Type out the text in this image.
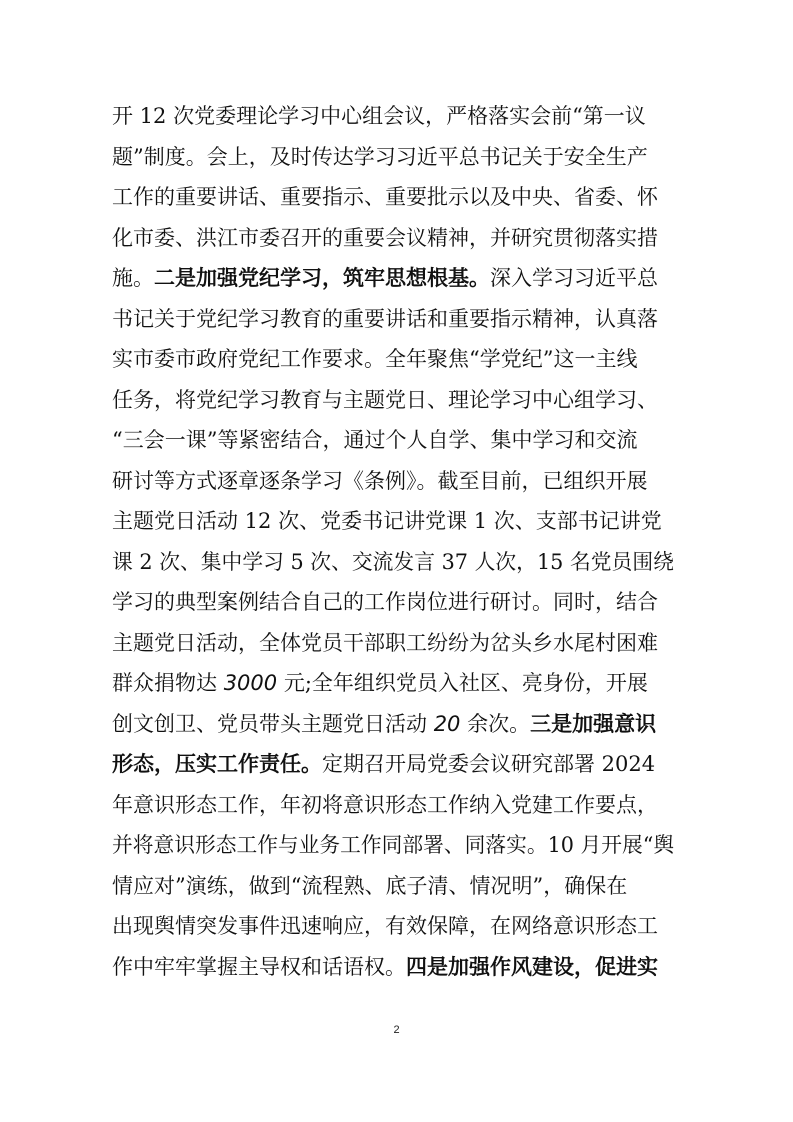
开 12 次党委理论学习中心组会议，严格落实会前“第一议
题”制度。会上，及时传达学习习近平总书记关于安全生产
工作的重要讲话、重要指示、重要批示以及中央、省委、怀
化市委、洪江市委召开的重要会议精神，并研究贯彻落实措
施。 二是加强党纪学习，筑牢思想根基。 深入学习习近平总
书记关于党纪学习教育的重要讲话和重要指示精神，认真落
实市委市政府党纪工作要求。全年聚焦“学党纪”这一主线
任务，将党纪学习教育与主题党日、理论学习中心组学习、
“三会一课”等紧密结合，通过个人自学、集中学习和交流
研讨等方式逐章逐条学习《条例》。截至目前，已组织开展
主题党日活动 12 次、党委书记讲党课 1 次、支部书记讲党
课 2 次、集中学习 5 次、交流发言 37 人次，15 名党员围绕
学习的典型案例结合自己的工作岗位进行研讨。同时，结合
主题党日活动，全体党员干部职工纷纷为岔头乡水尾村困难
群众捐物达 3000 元;全年组织党员入社区、亮身份，开展
创文创卫、党员带头主题党日活动 20 余次。 三是加强意识
形态，压实工作责任。 定期召开局党委会议研究部署 2024
年意识形态工作，年初将意识形态工作纳入党建工作要点，
并将意识形态工作与业务工作同部署、同落实。10 月开展“舆
情应对”演练，做到“流程熟、底子清、情况明”，确保在
出现舆情突发事件迅速响应，有效保障，在网络意识形态工
作中牢牢掌握主导权和话语权。 四是加强作风建设，促进实
2
